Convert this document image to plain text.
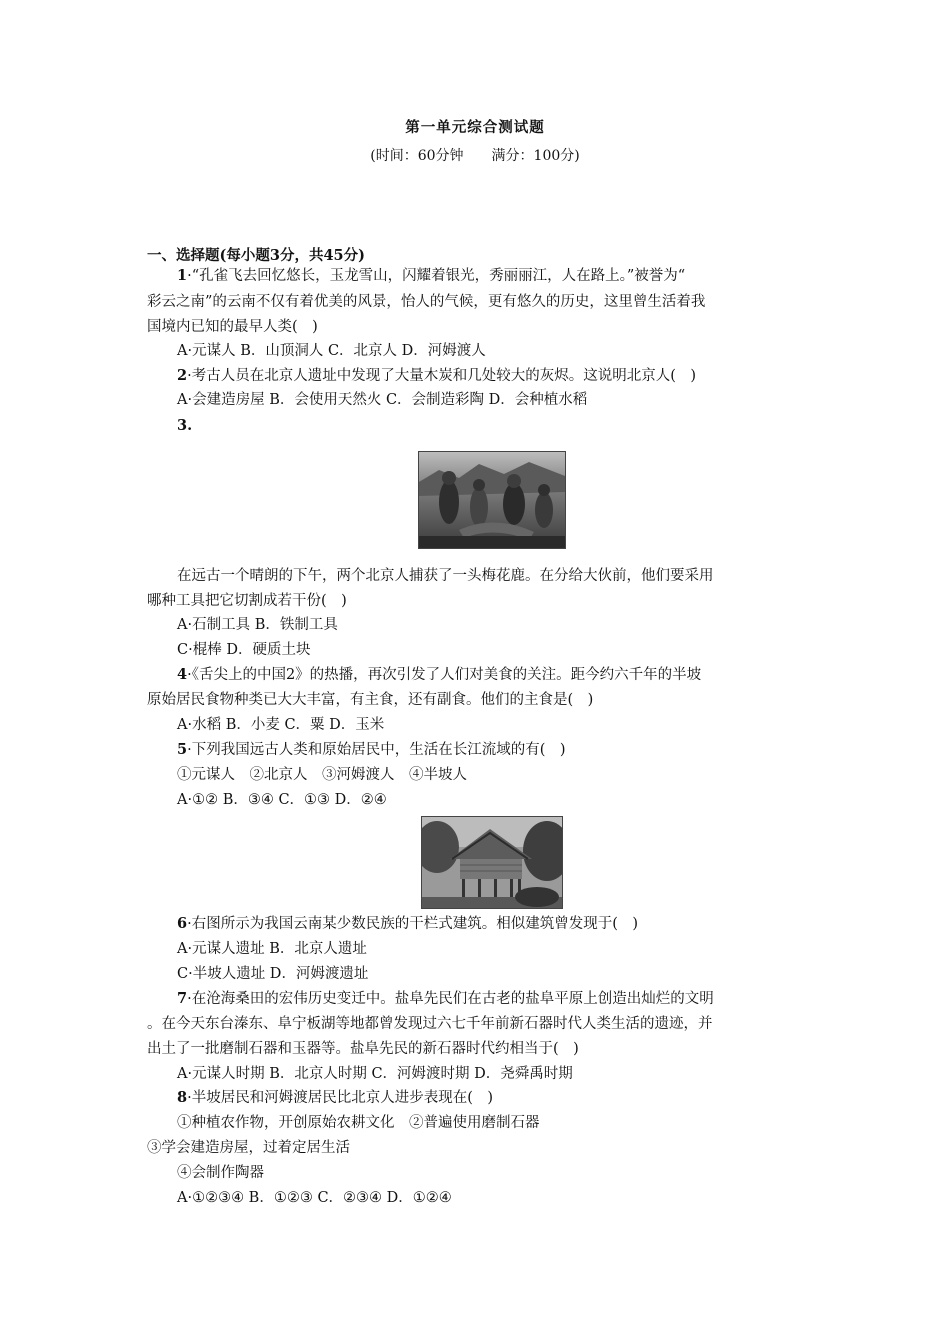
第一单元综合测试题
(时间：60分钟　　满分：100分)
一、选择题(每小题3分，共45分)
1·“孔雀飞去回忆悠长，玉龙雪山，闪耀着银光，秀丽丽江，人在路上。”被誉为“
彩云之南”的云南不仅有着优美的风景，怡人的气候，更有悠久的历史，这里曾生活着我
国境内已知的最早人类(　)
A·元谋人 B．山顶洞人 C．北京人 D．河姆渡人
2·考古人员在北京人遗址中发现了大量木炭和几处较大的灰烬。这说明北京人(　)
A·会建造房屋 B．会使用天然火 C．会制造彩陶 D．会种植水稻
3.
在远古一个晴朗的下午，两个北京人捕获了一头梅花鹿。在分给大伙前，他们要采用
哪种工具把它切割成若干份(　)
A·石制工具 B．铁制工具
C·棍棒 D．硬质土块
4·《舌尖上的中国2》的热播，再次引发了人们对美食的关注。距今约六千年的半坡
原始居民食物种类已大大丰富，有主食，还有副食。他们的主食是(　)
A·水稻 B．小麦 C．粟 D．玉米
5·下列我国远古人类和原始居民中，生活在长江流域的有(　)
①元谋人　②北京人　③河姆渡人　④半坡人
A·①② B．③④ C．①③ D．②④
6·右图所示为我国云南某少数民族的干栏式建筑。相似建筑曾发现于(　)
A·元谋人遗址 B．北京人遗址
C·半坡人遗址 D．河姆渡遗址
7·在沧海桑田的宏伟历史变迁中。盐阜先民们在古老的盐阜平原上创造出灿烂的文明
。在今天东台溱东、阜宁板湖等地都曾发现过六七千年前新石器时代人类生活的遗迹，并
出土了一批磨制石器和玉器等。盐阜先民的新石器时代约相当于(　)
A·元谋人时期 B．北京人时期 C．河姆渡时期 D．尧舜禹时期
8·半坡居民和河姆渡居民比北京人进步表现在(　)
①种植农作物，开创原始农耕文化　②普遍使用磨制石器
③学会建造房屋，过着定居生活
④会制作陶器
A·①②③④ B．①②③ C．②③④ D．①②④
